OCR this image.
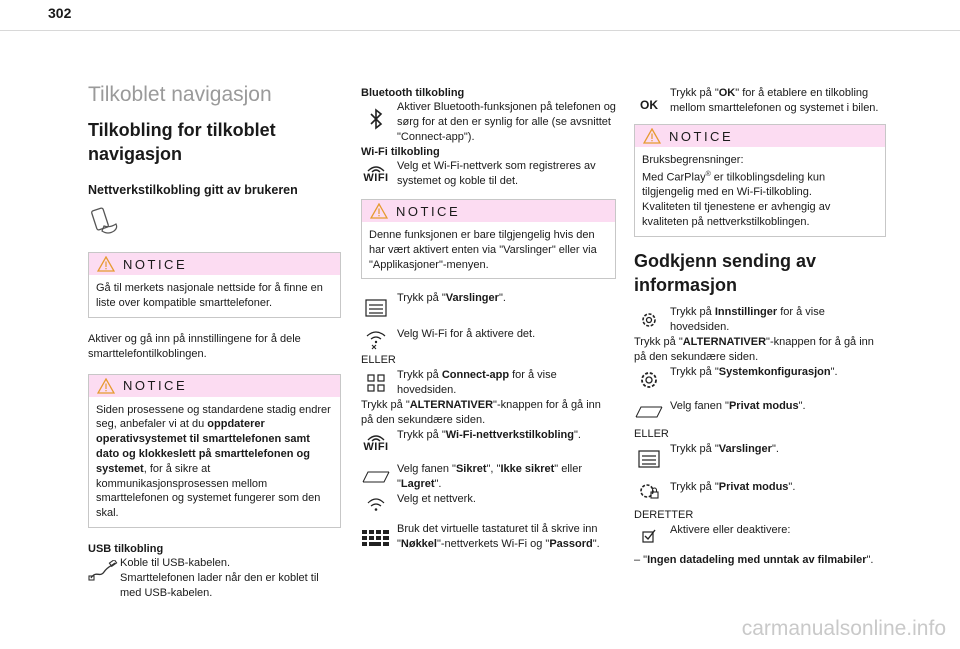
302
Tilkoblet navigasjon
Tilkobling for tilkoblet navigasjon
Nettverkstilkobling gitt av brukeren
NOTICE

Gå til merkets nasjonale nettside for å finne en liste over kompatible smarttelefoner.

Aktiver og gå inn på innstillingene for å dele smarttelefontilkoblingen.

NOTICE

Siden prosessene og standardene stadig endrer seg, anbefaler vi at du oppdaterer operativsystemet til smarttelefonen samt dato og klokkeslett på smarttelefonen og systemet, for å sikre at kommunikasjonsprosessen mellom smarttelefonen og systemet fungerer som den skal.

USB tilkobling

Koble til USB-kabelen.

Smarttelefonen lader når den er koblet til med USB-kabelen.

Bluetooth tilkobling

Aktiver Bluetooth-funksjonen på telefonen og sørg for at den er synlig for alle (se avsnittet "Connect-app").

Wi-Fi tilkobling
WIFI

Velg et Wi-Fi-nettverk som registreres av systemet og koble til det.

NOTICE

Denne funksjonen er bare tilgjengelig hvis den har vært aktivert enten via "Varslinger" eller via "Applikasjoner"-menyen.

Trykk på "Varslinger".

Velg Wi-Fi for å aktivere det.

ELLER

Trykk på Connect-app for å vise hovedsiden.

Trykk på "ALTERNATIVER"-knappen for å gå inn på den sekundære siden.

WIFI

Trykk på "Wi-Fi-nettverkstilkobling".

Velg fanen "Sikret", "Ikke sikret" eller "Lagret".

Velg et nettverk.

Bruk det virtuelle tastaturet til å skrive inn "Nøkkel"-nettverkets Wi-Fi og "Passord".

OK

Trykk på "OK" for å etablere en tilkobling mellom smarttelefonen og systemet i bilen.

NOTICE

Bruksbegrensninger:

Med CarPlay® er tilkoblingsdeling kun tilgjengelig med en Wi-Fi-tilkobling.

Kvaliteten til tjenestene er avhengig av kvaliteten på nettverkstilkoblingen.

Godkjenn sending av informasjon

Trykk på Innstillinger for å vise hovedsiden.

Trykk på "ALTERNATIVER"-knappen for å gå inn på den sekundære siden.

Trykk på "Systemkonfigurasjon".

Velg fanen "Privat modus".

ELLER

Trykk på "Varslinger".

Trykk på "Privat modus".

DERETTER

Aktivere eller deaktivere:

– "Ingen datadeling med unntak av filmabiler".

carmanualsonline.info
